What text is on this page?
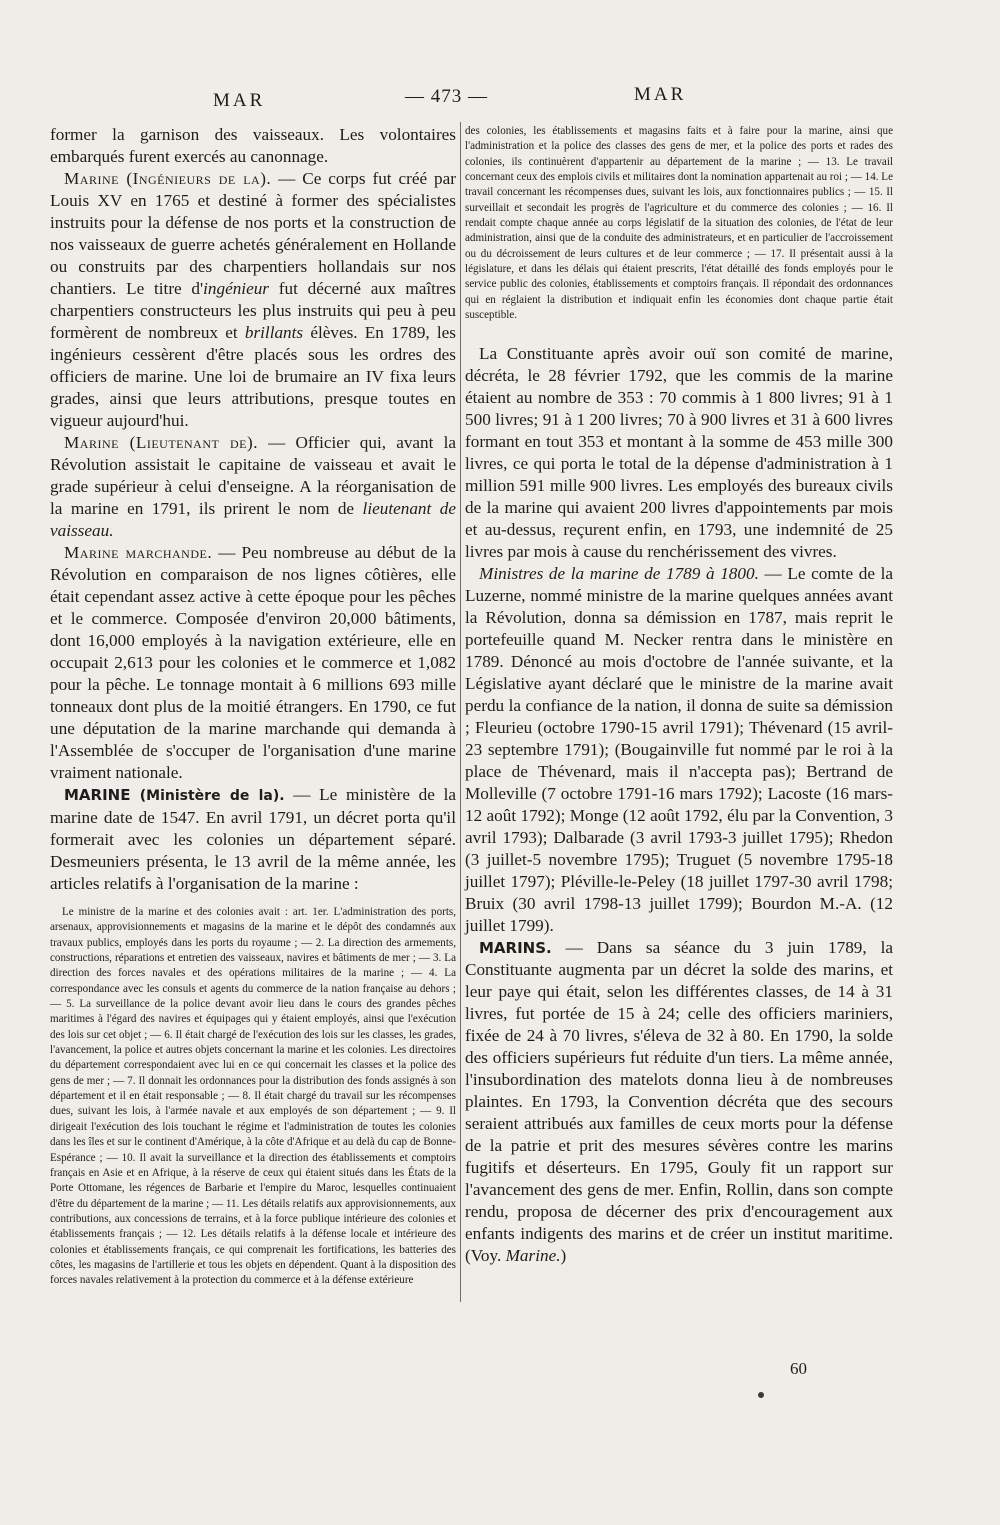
MAR	— 473 —	MAR

former la garnison des vaisseaux. Les volontaires embarqués furent exercés au canonnage.

Marine (Ingénieurs de la). — Ce corps fut créé par Louis XV en 1765 et destiné à former des spécialistes instruits pour la défense de nos ports et la construction de nos vaisseaux de guerre achetés généralement en Hollande ou construits par des charpentiers hollandais sur nos chantiers. Le titre d'ingénieur fut décerné aux maîtres charpentiers constructeurs les plus instruits qui peu à peu formèrent de nombreux et brillants élèves. En 1789, les ingénieurs cessèrent d'être placés sous les ordres des officiers de marine. Une loi de brumaire an IV fixa leurs grades, ainsi que leurs attributions, presque toutes en vigueur aujourd'hui.

Marine (Lieutenant de). — Officier qui, avant la Révolution assistait le capitaine de vaisseau et avait le grade supérieur à celui d'enseigne. A la réorganisation de la marine en 1791, ils prirent le nom de lieutenant de vaisseau.

Marine marchande. — Peu nombreuse au début de la Révolution en comparaison de nos lignes côtières, elle était cependant assez active à cette époque pour les pêches et le commerce. Composée d'environ 20,000 bâtiments, dont 16,000 employés à la navigation extérieure, elle en occupait 2,613 pour les colonies et le commerce et 1,082 pour la pêche. Le tonnage montait à 6 millions 693 mille tonneaux dont plus de la moitié étrangers. En 1790, ce fut une députation de la marine marchande qui demanda à l'Assemblée de s'occuper de l'organisation d'une marine vraiment nationale.

MARINE (Ministère de la). — Le ministère de la marine date de 1547. En avril 1791, un décret porta qu'il formerait avec les colonies un département séparé. Desmeuniers présenta, le 13 avril de la même année, les articles relatifs à l'organisation de la marine :

Le ministre de la marine et des colonies avait : art. 1er. L'administration des ports, arsenaux, approvisionnements et magasins de la marine et le dépôt des condamnés aux travaux publics, employés dans les ports du royaume ; — 2. La direction des armements, constructions, réparations et entretien des vaisseaux, navires et bâtiments de mer ; — 3. La direction des forces navales et des opérations militaires de la marine ; — 4. La correspondance avec les consuls et agents du commerce de la nation française au dehors ; — 5. La surveillance de la police devant avoir lieu dans le cours des grandes pêches maritimes à l'égard des navires et équipages qui y étaient employés, ainsi que l'exécution des lois sur cet objet ; — 6. Il était chargé de l'exécution des lois sur les classes, les grades, l'avancement, la police et autres objets concernant la marine et les colonies. Les directoires du département correspondaient avec lui en ce qui concernait les classes et la police des gens de mer ; — 7. Il donnait les ordonnances pour la distribution des fonds assignés à son département et il en était responsable ; — 8. Il était chargé du travail sur les récompenses dues, suivant les lois, à l'armée navale et aux employés de son département ; — 9. Il dirigeait l'exécution des lois touchant le régime et l'administration de toutes les colonies dans les îles et sur le continent d'Amérique, à la côte d'Afrique et au delà du cap de Bonne-Espérance ; — 10. Il avait la surveillance et la direction des établissements et comptoirs français en Asie et en Afrique, à la réserve de ceux qui étaient situés dans les États de la Porte Ottomane, les régences de Barbarie et l'empire du Maroc, lesquelles continuaient d'être du département de la marine ; — 11. Les détails relatifs aux approvisionnements, aux contributions, aux concessions de terrains, et à la force publique intérieure des colonies et établissements français ; — 12. Les détails relatifs à la défense locale et intérieure des colonies et établissements français, ce qui comprenait les fortifications, les batteries des côtes, les magasins de l'artillerie et tous les objets en dépendent. Quant à la disposition des forces navales relativement à la protection du commerce et à la défense extérieure

des colonies, les établissements et magasins faits et à faire pour la marine, ainsi que l'administration et la police des classes des gens de mer, et la police des ports et rades des colonies, ils continuèrent d'appartenir au département de la marine ; — 13. Le travail concernant ceux des emplois civils et militaires dont la nomination appartenait au roi ; — 14. Le travail concernant les récompenses dues, suivant les lois, aux fonctionnaires publics ; — 15. Il surveillait et secondait les progrès de l'agriculture et du commerce des colonies ; — 16. Il rendait compte chaque année au corps législatif de la situation des colonies, de l'état de leur administration, ainsi que de la conduite des administrateurs, et en particulier de l'accroissement ou du décroissement de leurs cultures et de leur commerce ; — 17. Il présentait aussi à la législature, et dans les délais qui étaient prescrits, l'état détaillé des fonds employés pour le service public des colonies, établissements et comptoirs français. Il répondait des ordonnances qui en réglaient la distribution et indiquait enfin les économies dont chaque partie était susceptible.

La Constituante après avoir ouï son comité de marine, décréta, le 28 février 1792, que les commis de la marine étaient au nombre de 353 : 70 commis à 1 800 livres; 91 à 1 500 livres; 91 à 1 200 livres; 70 à 900 livres et 31 à 600 livres formant en tout 353 et montant à la somme de 453 mille 300 livres, ce qui porta le total de la dépense d'administration à 1 million 591 mille 900 livres. Les employés des bureaux civils de la marine qui avaient 200 livres d'appointements par mois et au-dessus, reçurent enfin, en 1793, une indemnité de 25 livres par mois à cause du renchérissement des vivres.

Ministres de la marine de 1789 à 1800. — Le comte de la Luzerne, nommé ministre de la marine quelques années avant la Révolution, donna sa démission en 1787, mais reprit le portefeuille quand M. Necker rentra dans le ministère en 1789. Dénoncé au mois d'octobre de l'année suivante, et la Législative ayant déclaré que le ministre de la marine avait perdu la confiance de la nation, il donna de suite sa démission ; Fleurieu (octobre 1790-15 avril 1791); Thévenard (15 avril-23 septembre 1791); (Bougainville fut nommé par le roi à la place de Thévenard, mais il n'accepta pas); Bertrand de Molleville (7 octobre 1791-16 mars 1792); Lacoste (16 mars-12 août 1792); Monge (12 août 1792, élu par la Convention, 3 avril 1793); Dalbarade (3 avril 1793-3 juillet 1795); Rhedon (3 juillet-5 novembre 1795); Truguet (5 novembre 1795-18 juillet 1797); Pléville-le-Peley (18 juillet 1797-30 avril 1798; Bruix (30 avril 1798-13 juillet 1799); Bourdon M.-A. (12 juillet 1799).

MARINS. — Dans sa séance du 3 juin 1789, la Constituante augmenta par un décret la solde des marins, et leur paye qui était, selon les différentes classes, de 14 à 31 livres, fut portée de 15 à 24; celle des officiers mariniers, fixée de 24 à 70 livres, s'éleva de 32 à 80. En 1790, la solde des officiers supérieurs fut réduite d'un tiers. La même année, l'insubordination des matelots donna lieu à de nombreuses plaintes. En 1793, la Convention décréta que des secours seraient attribués aux familles de ceux morts pour la défense de la patrie et prit des mesures sévères contre les marins fugitifs et déserteurs. En 1795, Gouly fit un rapport sur l'avancement des gens de mer. Enfin, Rollin, dans son compte rendu, proposa de décerner des prix d'encouragement aux enfants indigents des marins et de créer un institut maritime. (Voy. Marine.)

60
